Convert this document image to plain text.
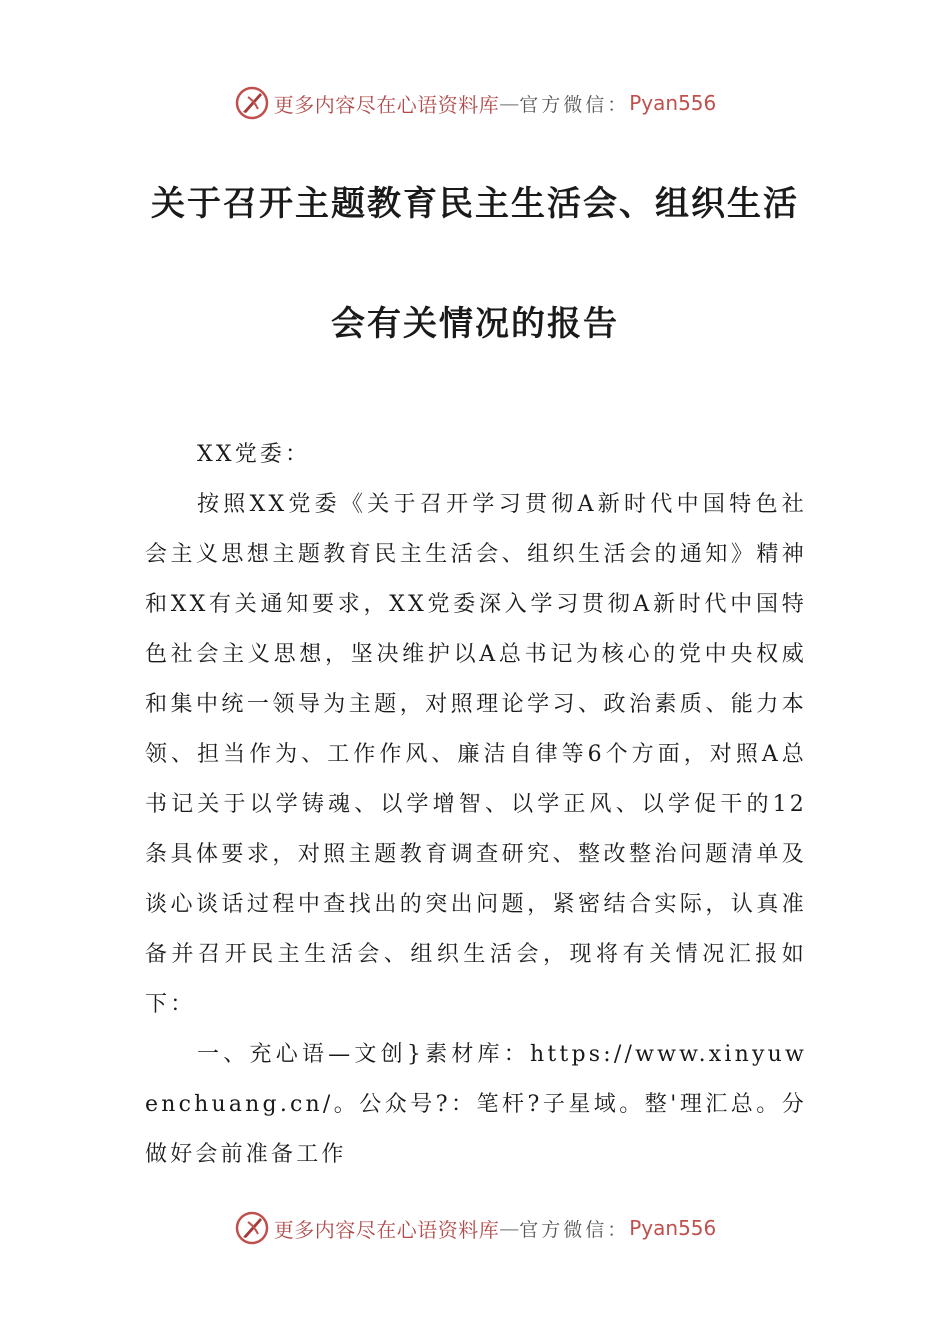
更多内容尽在心语资料库 — 官方微信： Pyan556
关于召开主题教育民主生活会、组织生活
会有关情况的报告

XX党委：

按照XX党委《关于召开学习贯彻A新时代中国特色社会主义思想主题教育民主生活会、组织生活会的通知》精神和XX有关通知要求，XX党委深入学习贯彻A新时代中国特色社会主义思想，坚决维护以A总书记为核心的党中央权威和集中统一领导为主题，对照理论学习、政治素质、能力本领、担当作为、工作作风、廉洁自律等6个方面，对照A总书记关于以学铸魂、以学增智、以学正风、以学促干的12条具体要求，对照主题教育调查研究、整改整治问题清单及谈心谈话过程中查找出的突出问题，紧密结合实际，认真准备并召开民主生活会、组织生活会，现将有关情况汇报如下：

一、充心语—文创}素材库：https://www.xinyuwenchuang.cn/。公众号?：笔杆?子星域。整'理汇总。分做好会前准备工作

更多内容尽在心语资料库 — 官方微信： Pyan556
